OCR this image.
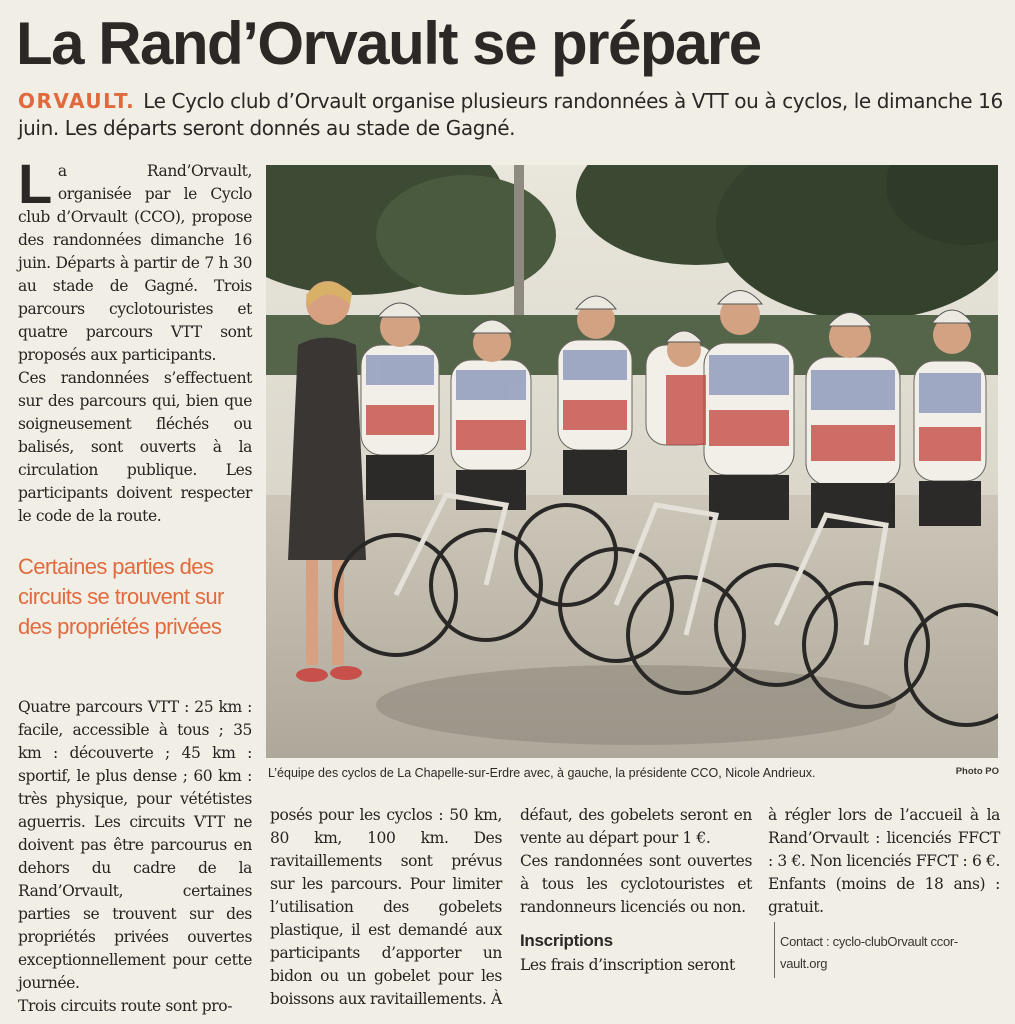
La Rand’Orvault se prépare

ORVAULT. Le Cyclo club d’Orvault organise plusieurs randonnées à VTT ou à cyclos, le dimanche 16 juin. Les départs seront donnés au stade de Gagné.

L a Rand’Orvault, organisée par le Cyclo club d’Orvault (CCO), propose des randonnées dimanche 16 juin. Départs à partir de 7 h 30 au stade de Gagné. Trois parcours cyclotouristes et quatre parcours VTT sont proposés aux participants.

Ces randonnées s’effectuent sur des parcours qui, bien que soigneusement fléchés ou balisés, sont ouverts à la circulation publique. Les participants doivent respecter le code de la route.

Certaines parties des circuits se trouvent sur des propriétés privées

Quatre parcours VTT : 25 km : facile, accessible à tous ; 35 km : découverte ; 45 km : sportif, le plus dense ; 60 km : très physique, pour vététistes aguerris. Les circuits VTT ne doivent pas être parcourus en dehors du cadre de la Rand’Orvault, certaines parties se trouvent sur des propriétés privées ouvertes exceptionnellement pour cette journée.

Trois circuits route sont pro-

L’équipe des cyclos de La Chapelle-sur-Erdre avec, à gauche, la présidente CCO, Nicole Andrieux.	Photo PO

posés pour les cyclos : 50 km, 80 km, 100 km. Des ravitaillements sont prévus sur les parcours. Pour limiter l’utilisation des gobelets plastique, il est demandé aux participants d’apporter un bidon ou un gobelet pour les boissons aux ravitaillements. À

défaut, des gobelets seront en vente au départ pour 1 €.

Ces randonnées sont ouvertes à tous les cyclotouristes et randonneurs licenciés ou non.

Inscriptions

Les frais d’inscription seront

à régler lors de l’accueil à la Rand’Orvault : licenciés FFCT : 3 €. Non licenciés FFCT : 6 €. Enfants (moins de 18 ans) : gratuit.

Contact : cyclo-clubOrvault ccorvault.org
